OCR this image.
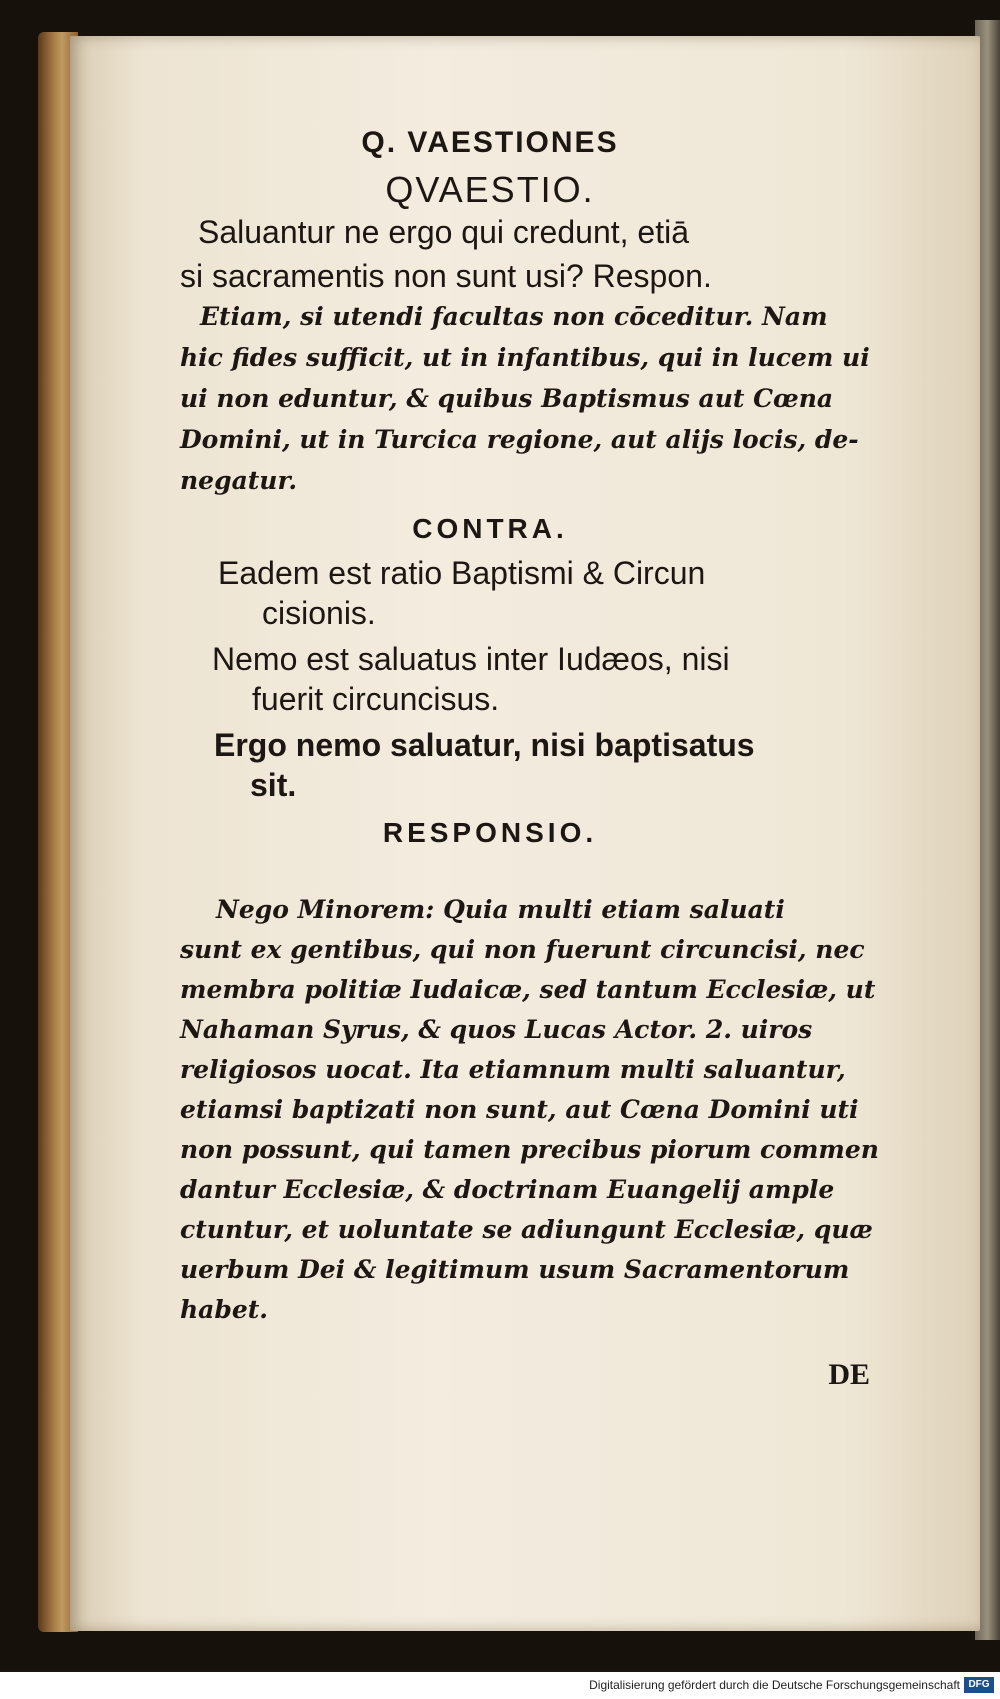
Q. VAESTIONES

QVAESTIO.

Saluantur ne ergo qui credunt, etiā

si sacramentis non sunt usi? Respon.

Etiam, si utendi facultas non cōceditur. Nam

hic fides sufficit, ut in infantibus, qui in lucem ui

ui non eduntur, & quibus Baptismus aut Cœna

Domini, ut in Turcica regione, aut alijs locis, de-

negatur.

CONTRA.

Eadem est ratio Baptismi & Circun

cisionis.

Nemo est saluatus inter Iudæos, nisi

fuerit circuncisus.

Ergo nemo saluatur, nisi baptisatus

sit.

RESPONSIO.

Nego Minorem: Quia multi etiam saluati

sunt ex gentibus, qui non fuerunt circuncisi, nec

membra politiæ Iudaicæ, sed tantum Ecclesiæ, ut

Nahaman Syrus, & quos Lucas Actor. 2. uiros

religiosos uocat. Ita etiamnum multi saluantur,

etiamsi baptizati non sunt, aut Cœna Domini uti

non possunt, qui tamen precibus piorum commen

dantur Ecclesiæ, & doctrinam Euangelij ample

ctuntur, et uoluntate se adiungunt Ecclesiæ, quæ

uerbum Dei & legitimum usum Sacramentorum

habet.

DE

Digitalisierung gefördert durch die Deutsche Forschungsgemeinschaft DFG
